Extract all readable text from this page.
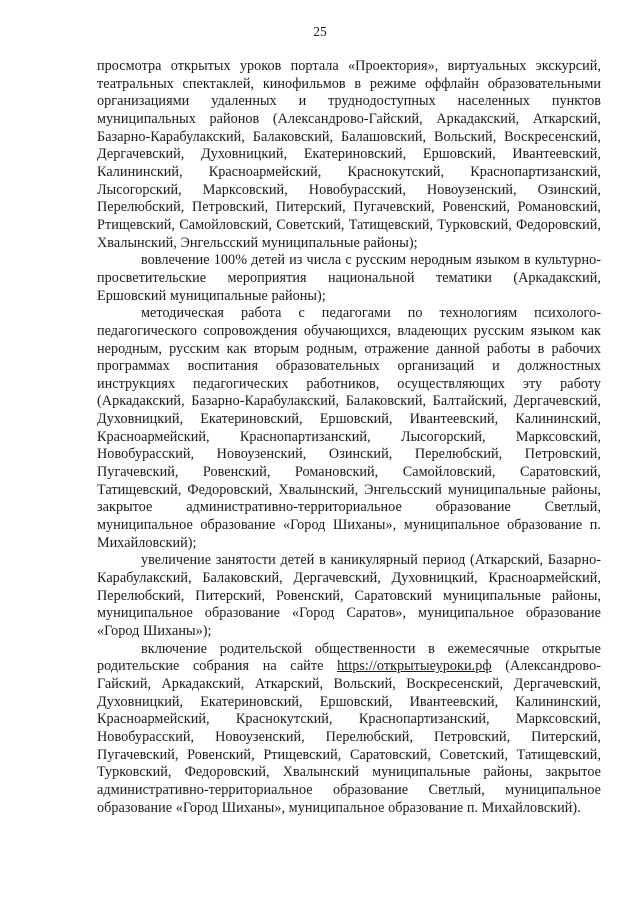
25

просмотра открытых уроков портала «Проектория», виртуальных экскурсий, театральных спектаклей, кинофильмов в режиме оффлайн образовательными организациями удаленных и труднодоступных населенных пунктов муниципальных районов (Александрово-Гайский, Аркадакский, Аткарский, Базарно-Карабулакский, Балаковский, Балашовский, Вольский, Воскресенский, Дергачевский, Духовницкий, Екатериновский, Ершовский, Ивантеевский, Калининский, Красноармейский, Краснокутский, Краснопартизанский, Лысогорский, Марксовский, Новобурасский, Новоузенский, Озинский, Перелюбский, Петровский, Питерский, Пугачевский, Ровенский, Романовский, Ртищевский, Самойловский, Советский, Татищевский, Турковский, Федоровский, Хвалынский, Энгельсский муниципальные районы);

вовлечение 100% детей из числа с русским неродным языком в культурно-просветительские мероприятия национальной тематики (Аркадакский, Ершовский муниципальные районы);

методическая работа с педагогами по технологиям психолого-педагогического сопровождения обучающихся, владеющих русским языком как неродным, русским как вторым родным, отражение данной работы в рабочих программах воспитания образовательных организаций и должностных инструкциях педагогических работников, осуществляющих эту работу (Аркадакский, Базарно-Карабулакский, Балаковский, Балтайский, Дергачевский, Духовницкий, Екатериновский, Ершовский, Ивантеевский, Калининский, Красноармейский, Краснопартизанский, Лысогорский, Марксовский, Новобурасский, Новоузенский, Озинский, Перелюбский, Петровский, Пугачевский, Ровенский, Романовский, Самойловский, Саратовский, Татищевский, Федоровский, Хвалынский, Энгельсский муниципальные районы, закрытое административно-территориальное образование Светлый, муниципальное образование «Город Шиханы», муниципальное образование п. Михайловский);

увеличение занятости детей в каникулярный период (Аткарский, Базарно-Карабулакский, Балаковский, Дергачевский, Духовницкий, Красноармейский, Перелюбский, Питерский, Ровенский, Саратовский муниципальные районы, муниципальное образование «Город Саратов», муниципальное образование «Город Шиханы»);

включение родительской общественности в ежемесячные открытые родительские собрания на сайте https://открытыеуроки.рф (Александрово-Гайский, Аркадакский, Аткарский, Вольский, Воскресенский, Дергачевский, Духовницкий, Екатериновский, Ершовский, Ивантеевский, Калининский, Красноармейский, Краснокутский, Краснопартизанский, Марксовский, Новобурасский, Новоузенский, Перелюбский, Петровский, Питерский, Пугачевский, Ровенский, Ртищевский, Саратовский, Советский, Татищевский, Турковский, Федоровский, Хвалынский муниципальные районы, закрытое административно-территориальное образование Светлый, муниципальное образование «Город Шиханы», муниципальное образование п. Михайловский).
